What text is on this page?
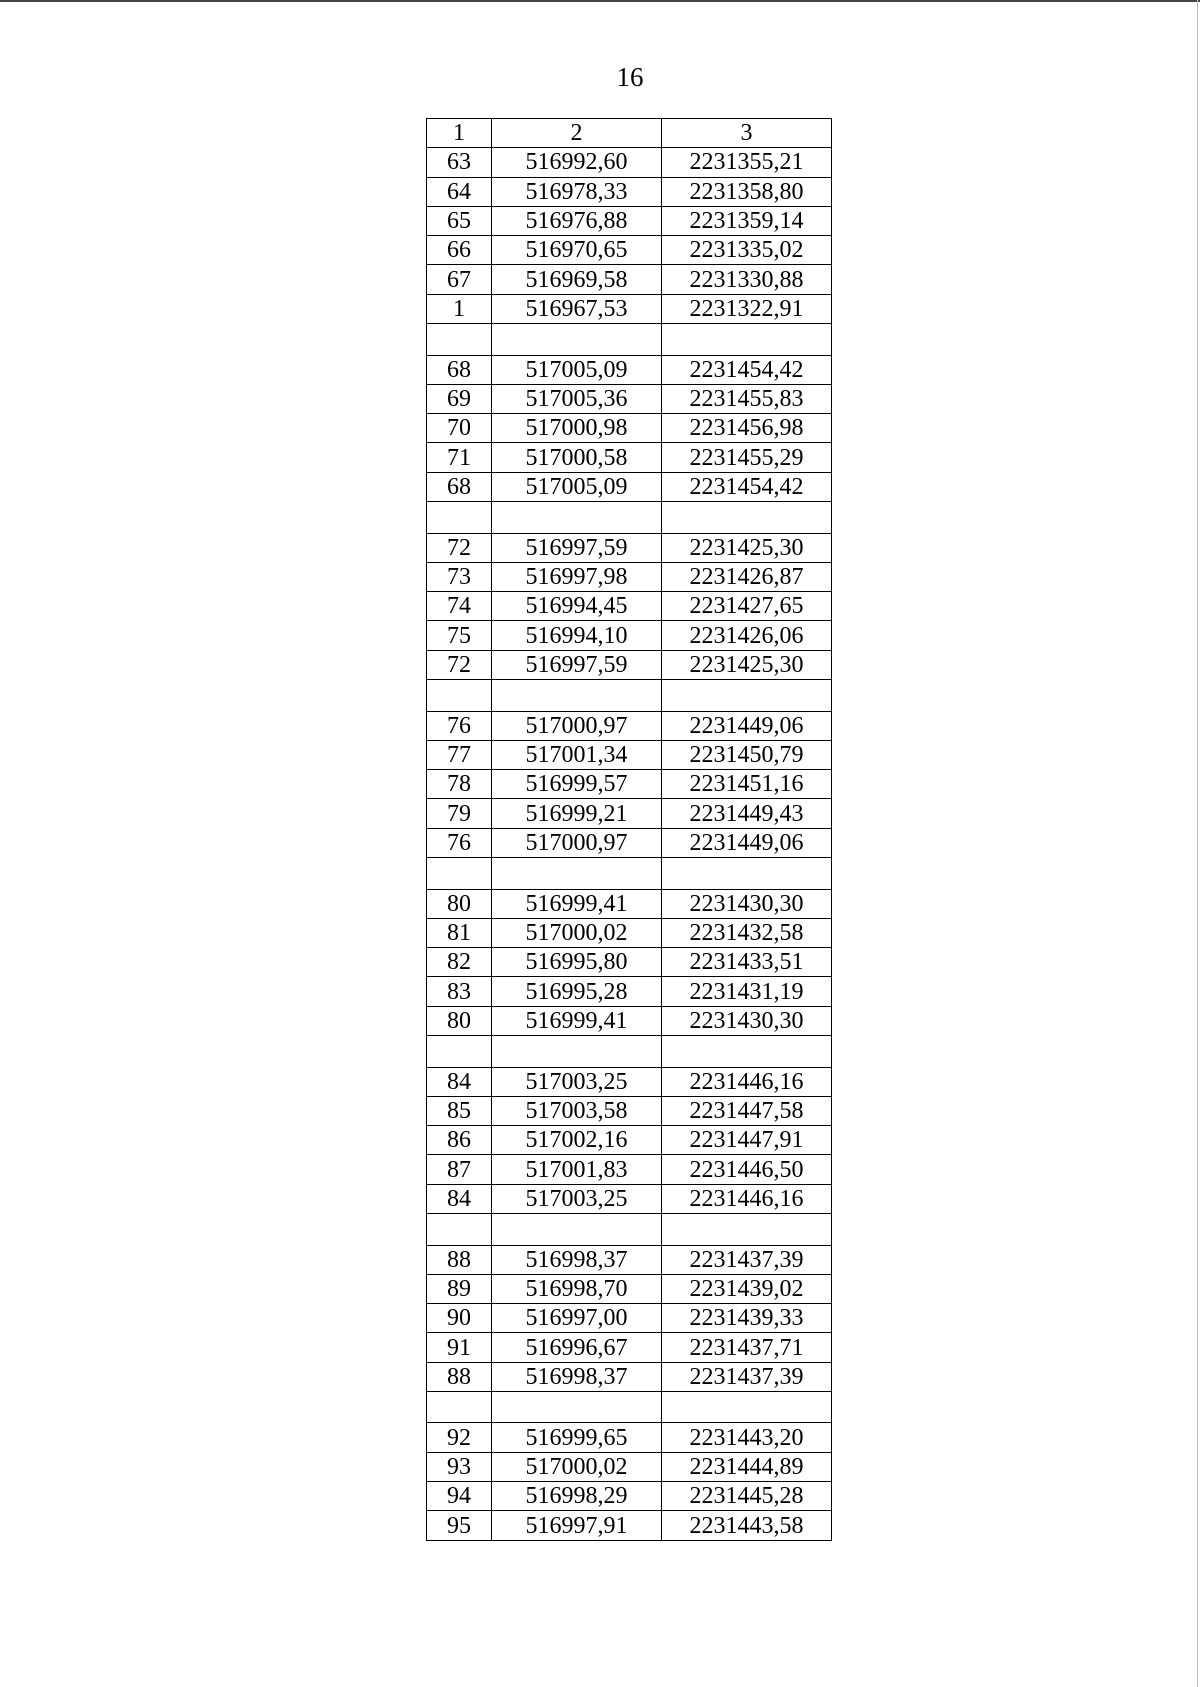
16
1	2	3
63	516992,60	2231355,21
64	516978,33	2231358,80
65	516976,88	2231359,14
66	516970,65	2231335,02
67	516969,58	2231330,88
1	516967,53	2231322,91

68	517005,09	2231454,42
69	517005,36	2231455,83
70	517000,98	2231456,98
71	517000,58	2231455,29
68	517005,09	2231454,42

72	516997,59	2231425,30
73	516997,98	2231426,87
74	516994,45	2231427,65
75	516994,10	2231426,06
72	516997,59	2231425,30

76	517000,97	2231449,06
77	517001,34	2231450,79
78	516999,57	2231451,16
79	516999,21	2231449,43
76	517000,97	2231449,06

80	516999,41	2231430,30
81	517000,02	2231432,58
82	516995,80	2231433,51
83	516995,28	2231431,19
80	516999,41	2231430,30

84	517003,25	2231446,16
85	517003,58	2231447,58
86	517002,16	2231447,91
87	517001,83	2231446,50
84	517003,25	2231446,16

88	516998,37	2231437,39
89	516998,70	2231439,02
90	516997,00	2231439,33
91	516996,67	2231437,71
88	516998,37	2231437,39

92	516999,65	2231443,20
93	517000,02	2231444,89
94	516998,29	2231445,28
95	516997,91	2231443,58
